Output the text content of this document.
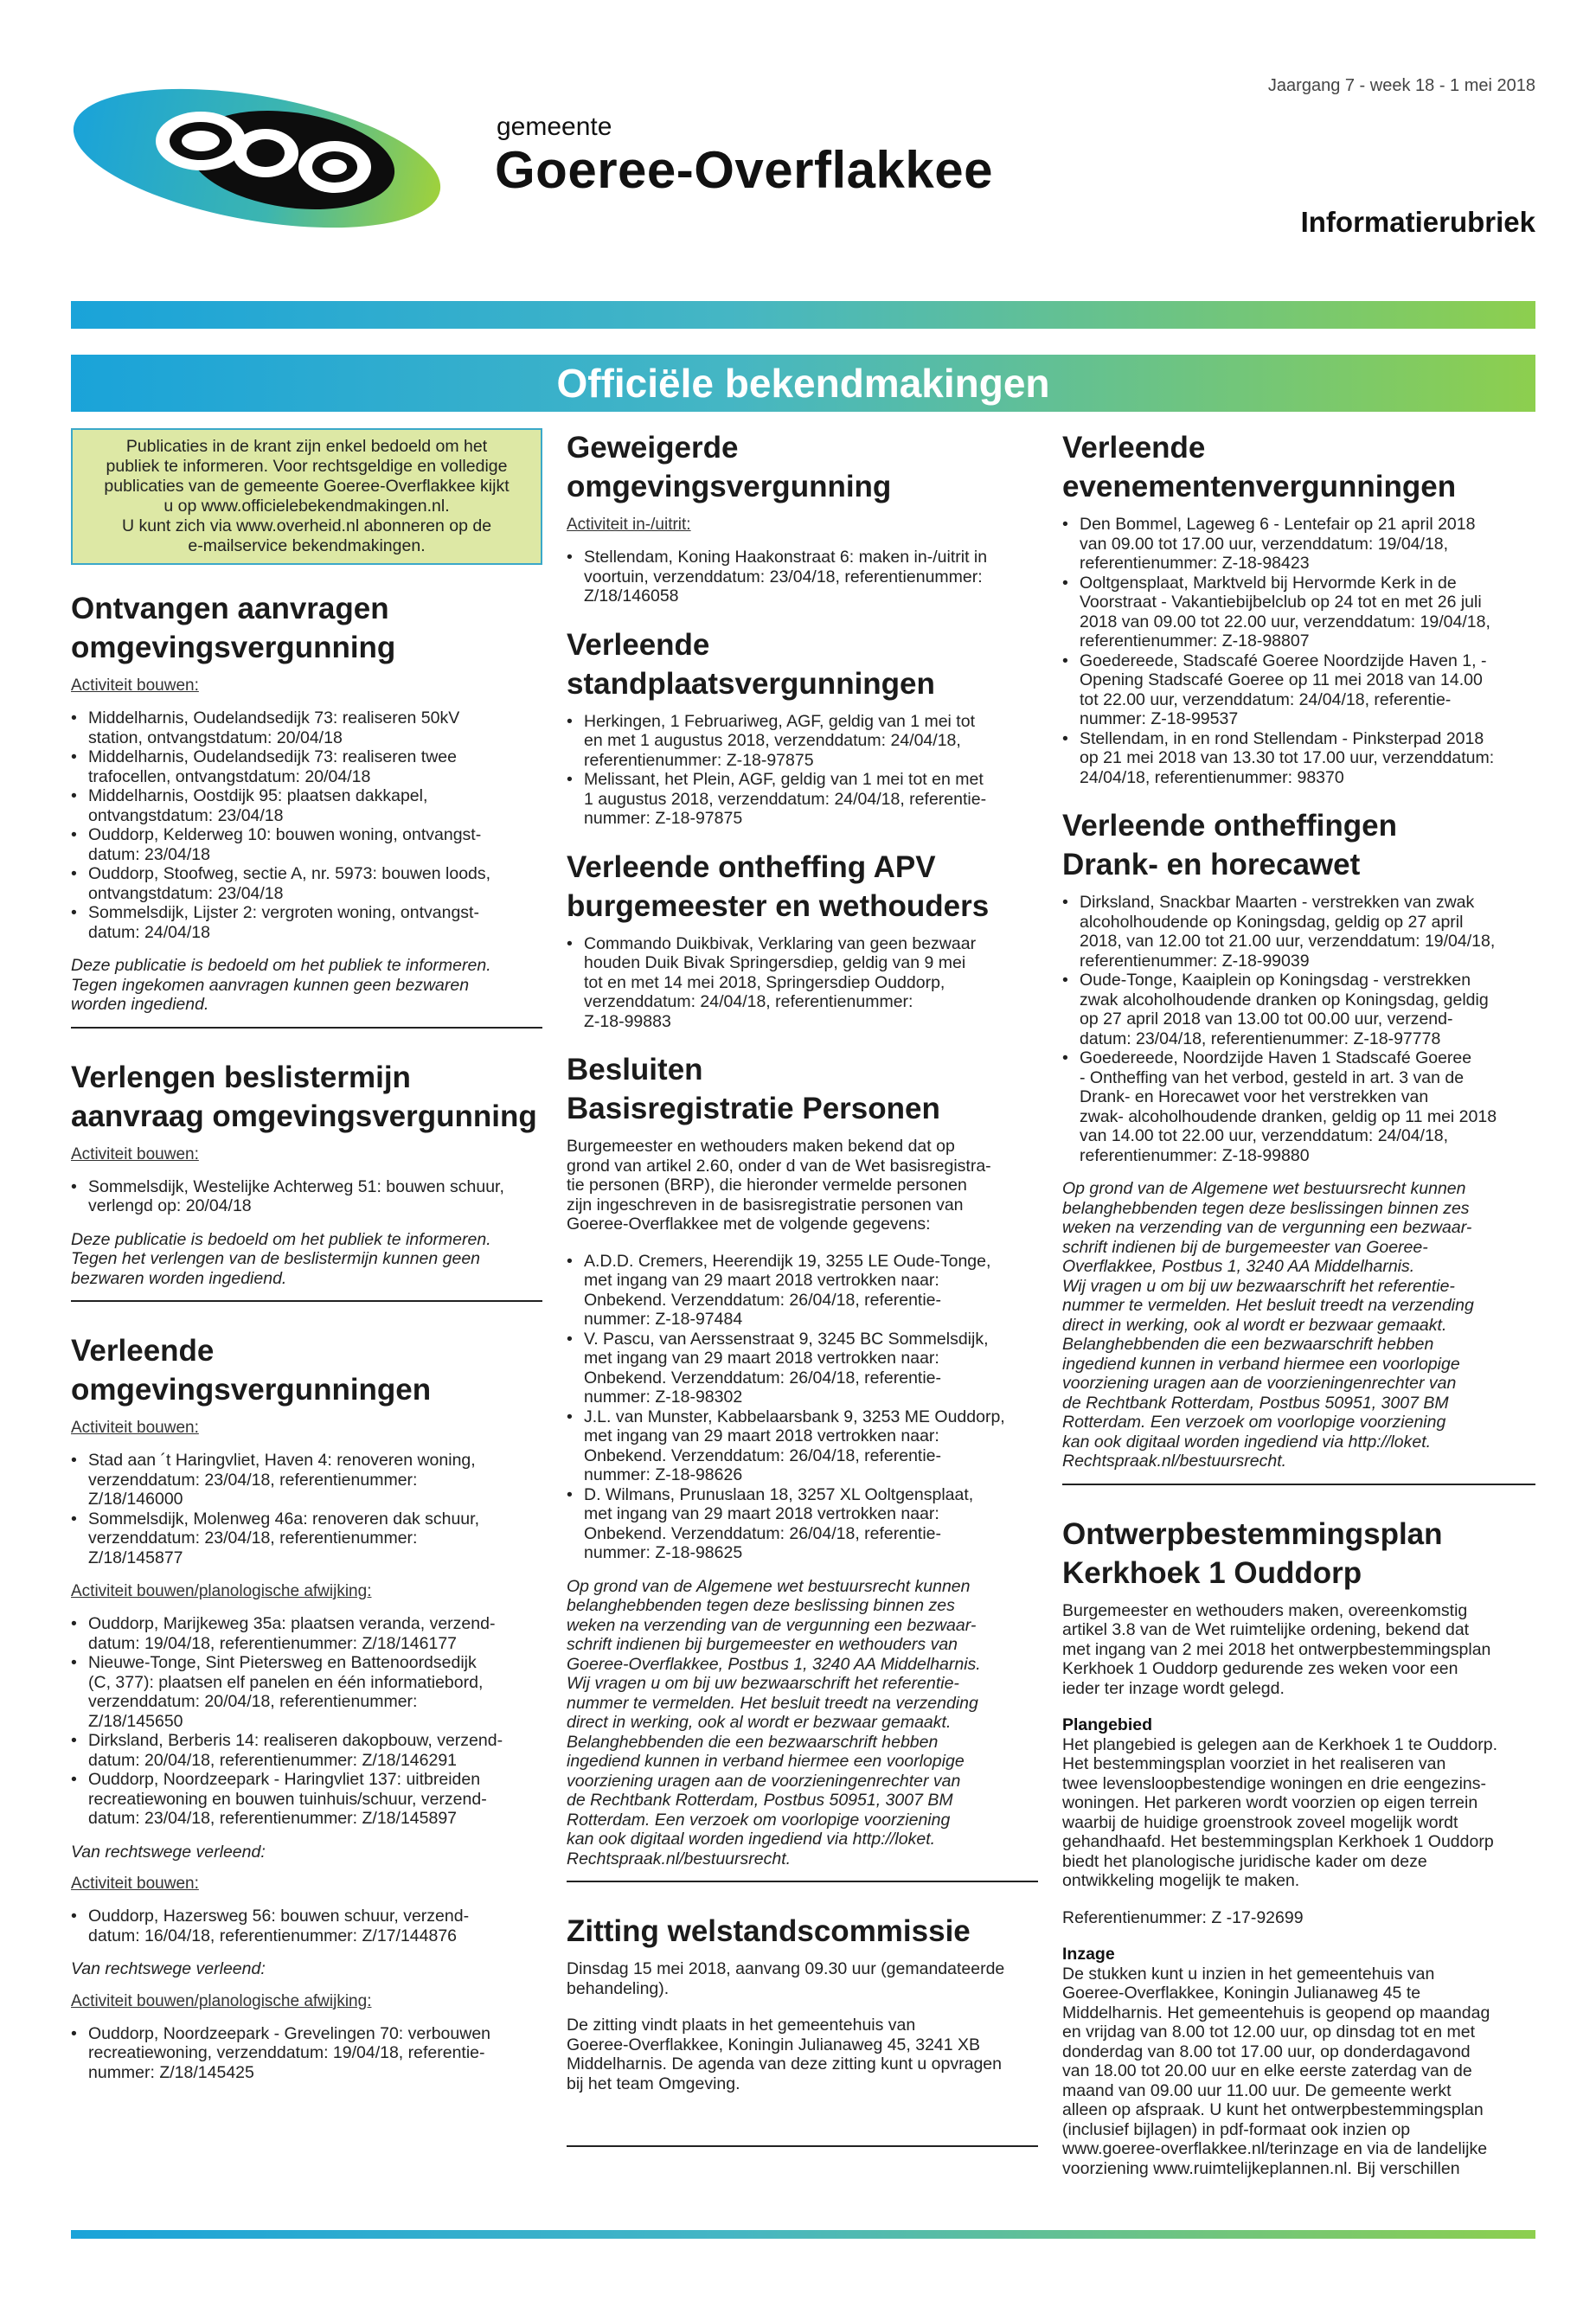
gemeente
Goeree-Overflakkee
Jaargang 7 - week 18 - 1 mei 2018
Informatierubriek
Officiële bekendmakingen
Publicaties in de krant zijn enkel bedoeld om het
publiek te informeren. Voor rechtsgeldige en volledige
publicaties van de gemeente Goeree-Overflakkee kijkt
u op www.officielebekendmakingen.nl.
U kunt zich via www.overheid.nl abonneren op de
e-mailservice bekendmakingen.
Ontvangen aanvragen
omgevingsvergunning
Activiteit bouwen:
• Middelharnis, Oudelandsedijk 73: realiseren 50kV
station, ontvangstdatum: 20/04/18
• Middelharnis, Oudelandsedijk 73: realiseren twee
trafocellen, ontvangstdatum: 20/04/18
• Middelharnis, Oostdijk 95: plaatsen dakkapel,
ontvangstdatum: 23/04/18
• Ouddorp, Kelderweg 10: bouwen woning, ontvangst-
datum: 23/04/18
• Ouddorp, Stoofweg, sectie A, nr. 5973: bouwen loods,
ontvangstdatum: 23/04/18
• Sommelsdijk, Lijster 2: vergroten woning, ontvangst-
datum: 24/04/18
Deze publicatie is bedoeld om het publiek te informeren.
Tegen ingekomen aanvragen kunnen geen bezwaren
worden ingediend.
Verlengen beslistermijn
aanvraag omgevingsvergunning
Activiteit bouwen:
• Sommelsdijk, Westelijke Achterweg 51: bouwen schuur,
verlengd op: 20/04/18
Deze publicatie is bedoeld om het publiek te informeren.
Tegen het verlengen van de beslistermijn kunnen geen
bezwaren worden ingediend.
Verleende
omgevingsvergunningen
Activiteit bouwen:
• Stad aan ´t Haringvliet, Haven 4: renoveren woning,
verzenddatum: 23/04/18, referentienummer:
Z/18/146000
• Sommelsdijk, Molenweg 46a: renoveren dak schuur,
verzenddatum: 23/04/18, referentienummer:
Z/18/145877
Activiteit bouwen/planologische afwijking:
• Ouddorp, Marijkeweg 35a: plaatsen veranda, verzend-
datum: 19/04/18, referentienummer: Z/18/146177
• Nieuwe-Tonge, Sint Pietersweg en Battenoordsedijk
(C, 377): plaatsen elf panelen en één informatiebord,
verzenddatum: 20/04/18, referentienummer:
Z/18/145650
• Dirksland, Berberis 14: realiseren dakopbouw, verzend-
datum: 20/04/18, referentienummer: Z/18/146291
• Ouddorp, Noordzeepark - Haringvliet 137: uitbreiden
recreatiewoning en bouwen tuinhuis/schuur, verzend-
datum: 23/04/18, referentienummer: Z/18/145897
Van rechtswege verleend:
Activiteit bouwen:
• Ouddorp, Hazersweg 56: bouwen schuur, verzend-
datum: 16/04/18, referentienummer: Z/17/144876
Van rechtswege verleend:
Activiteit bouwen/planologische afwijking:
• Ouddorp, Noordzeepark - Grevelingen 70: verbouwen
recreatiewoning, verzenddatum: 19/04/18, referentie-
nummer: Z/18/145425
Geweigerde
omgevingsvergunning
Activiteit in-/uitrit:
• Stellendam, Koning Haakonstraat 6: maken in-/uitrit in
voortuin, verzenddatum: 23/04/18, referentienummer:
Z/18/146058
Verleende
standplaatsvergunningen
• Herkingen, 1 Februariweg, AGF, geldig van 1 mei tot
en met 1 augustus 2018, verzenddatum: 24/04/18,
referentienummer: Z-18-97875
• Melissant, het Plein, AGF, geldig van 1 mei tot en met
1 augustus 2018, verzenddatum: 24/04/18, referentie-
nummer: Z-18-97875
Verleende ontheffing APV
burgemeester en wethouders
• Commando Duikbivak, Verklaring van geen bezwaar
houden Duik Bivak Springersdiep, geldig van 9 mei
tot en met 14 mei 2018, Springersdiep Ouddorp,
verzenddatum: 24/04/18, referentienummer:
Z-18-99883
Besluiten
Basisregistratie Personen

Burgemeester en wethouders maken bekend dat op
grond van artikel 2.60, onder d van de Wet basisregistra-
tie personen (BRP), die hieronder vermelde personen
zijn ingeschreven in de basisregistratie personen van
Goeree-Overflakkee met de volgende gegevens:

• A.D.D. Cremers, Heerendijk 19, 3255 LE Oude-Tonge,
met ingang van 29 maart 2018 vertrokken naar:
Onbekend. Verzenddatum: 26/04/18, referentie-
nummer: Z-18-97484
• V. Pascu, van Aerssenstraat 9, 3245 BC Sommelsdijk,
met ingang van 29 maart 2018 vertrokken naar:
Onbekend. Verzenddatum: 26/04/18, referentie-
nummer: Z-18-98302
• J.L. van Munster, Kabbelaarsbank 9, 3253 ME Ouddorp,
met ingang van 29 maart 2018 vertrokken naar:
Onbekend. Verzenddatum: 26/04/18, referentie-
nummer: Z-18-98626
• D. Wilmans, Prunuslaan 18, 3257 XL Ooltgensplaat,
met ingang van 29 maart 2018 vertrokken naar:
Onbekend. Verzenddatum: 26/04/18, referentie-
nummer: Z-18-98625
Op grond van de Algemene wet bestuursrecht kunnen
belanghebbenden tegen deze beslissing binnen zes
weken na verzending van de vergunning een bezwaar-
schrift indienen bij burgemeester en wethouders van
Goeree-Overflakkee, Postbus 1, 3240 AA Middelharnis.
Wij vragen u om bij uw bezwaarschrift het referentie-
nummer te vermelden. Het besluit treedt na verzending
direct in werking, ook al wordt er bezwaar gemaakt.
Belanghebbenden die een bezwaarschrift hebben
ingediend kunnen in verband hiermee een voorlopige
voorziening uragen aan de voorzieningenrechter van
de Rechtbank Rotterdam, Postbus 50951, 3007 BM
Rotterdam. Een verzoek om voorlopige voorziening
kan ook digitaal worden ingediend via http://loket.
Rechtspraak.nl/bestuursrecht.
Zitting welstandscommissie

Dinsdag 15 mei 2018, aanvang 09.30 uur (gemandateerde
behandeling).

De zitting vindt plaats in het gemeentehuis van
Goeree-Overflakkee, Koningin Julianaweg 45, 3241 XB
Middelharnis. De agenda van deze zitting kunt u opvragen
bij het team Omgeving.

Verleende
evenementenvergunningen
• Den Bommel, Lageweg 6 - Lentefair op 21 april 2018
van 09.00 tot 17.00 uur, verzenddatum: 19/04/18,
referentienummer: Z-18-98423
• Ooltgensplaat, Marktveld bij Hervormde Kerk in de
Voorstraat - Vakantiebijbelclub op 24 tot en met 26 juli
2018 van 09.00 tot 22.00 uur, verzenddatum: 19/04/18,
referentienummer: Z-18-98807
• Goedereede, Stadscafé Goeree Noordzijde Haven 1, -
Opening Stadscafé Goeree op 11 mei 2018 van 14.00
tot 22.00 uur, verzenddatum: 24/04/18, referentie-
nummer: Z-18-99537
• Stellendam, in en rond Stellendam - Pinksterpad 2018
op 21 mei 2018 van 13.30 tot 17.00 uur, verzenddatum:
24/04/18, referentienummer: 98370
Verleende ontheffingen
Drank- en horecawet
• Dirksland, Snackbar Maarten - verstrekken van zwak
alcoholhoudende op Koningsdag, geldig op 27 april
2018, van 12.00 tot 21.00 uur, verzenddatum: 19/04/18,
referentienummer: Z-18-99039
• Oude-Tonge, Kaaiplein op Koningsdag - verstrekken
zwak alcoholhoudende dranken op Koningsdag, geldig
op 27 april 2018 van 13.00 tot 00.00 uur, verzend-
datum: 23/04/18, referentienummer: Z-18-97778
• Goedereede, Noordzijde Haven 1 Stadscafé Goeree
- Ontheffing van het verbod, gesteld in art. 3 van de
Drank- en Horecawet voor het verstrekken van
zwak- alcoholhoudende dranken, geldig op 11 mei 2018
van 14.00 tot 22.00 uur, verzenddatum: 24/04/18,
referentienummer: Z-18-99880
Op grond van de Algemene wet bestuursrecht kunnen
belanghebbenden tegen deze beslissingen binnen zes
weken na verzending van de vergunning een bezwaar-
schrift indienen bij de burgemeester van Goeree-
Overflakkee, Postbus 1, 3240 AA Middelharnis.
Wij vragen u om bij uw bezwaarschrift het referentie-
nummer te vermelden. Het besluit treedt na verzending
direct in werking, ook al wordt er bezwaar gemaakt.
Belanghebbenden die een bezwaarschrift hebben
ingediend kunnen in verband hiermee een voorlopige
voorziening uragen aan de voorzieningenrechter van
de Rechtbank Rotterdam, Postbus 50951, 3007 BM
Rotterdam. Een verzoek om voorlopige voorziening
kan ook digitaal worden ingediend via http://loket.
Rechtspraak.nl/bestuursrecht.
Ontwerpbestemmingsplan
Kerkhoek 1 Ouddorp

Burgemeester en wethouders maken, overeenkomstig
artikel 3.8 van de Wet ruimtelijke ordening, bekend dat
met ingang van 2 mei 2018 het ontwerpbestemmingsplan
Kerkhoek 1 Ouddorp gedurende zes weken voor een
ieder ter inzage wordt gelegd.

Plangebied

Het plangebied is gelegen aan de Kerkhoek 1 te Ouddorp.
Het bestemmingsplan voorziet in het realiseren van
twee levensloopbestendige woningen en drie eengezins-
woningen. Het parkeren wordt voorzien op eigen terrein
waarbij de huidige groenstrook zoveel mogelijk wordt
gehandhaafd. Het bestemmingsplan Kerkhoek 1 Ouddorp
biedt het planologische juridische kader om deze
ontwikkeling mogelijk te maken.

Referentienummer: Z -17-92699

Inzage

De stukken kunt u inzien in het gemeentehuis van
Goeree-Overflakkee, Koningin Julianaweg 45 te
Middelharnis. Het gemeentehuis is geopend op maandag
en vrijdag van 8.00 tot 12.00 uur, op dinsdag tot en met
donderdag van 8.00 tot 17.00 uur, op donderdagavond
van 18.00 tot 20.00 uur en elke eerste zaterdag van de
maand van 09.00 uur 11.00 uur. De gemeente werkt
alleen op afspraak. U kunt het ontwerpbestemmingsplan
(inclusief bijlagen) in pdf-formaat ook inzien op
www.goeree-overflakkee.nl/terinzage en via de landelijke
voorziening www.ruimtelijkeplannen.nl. Bij verschillen
